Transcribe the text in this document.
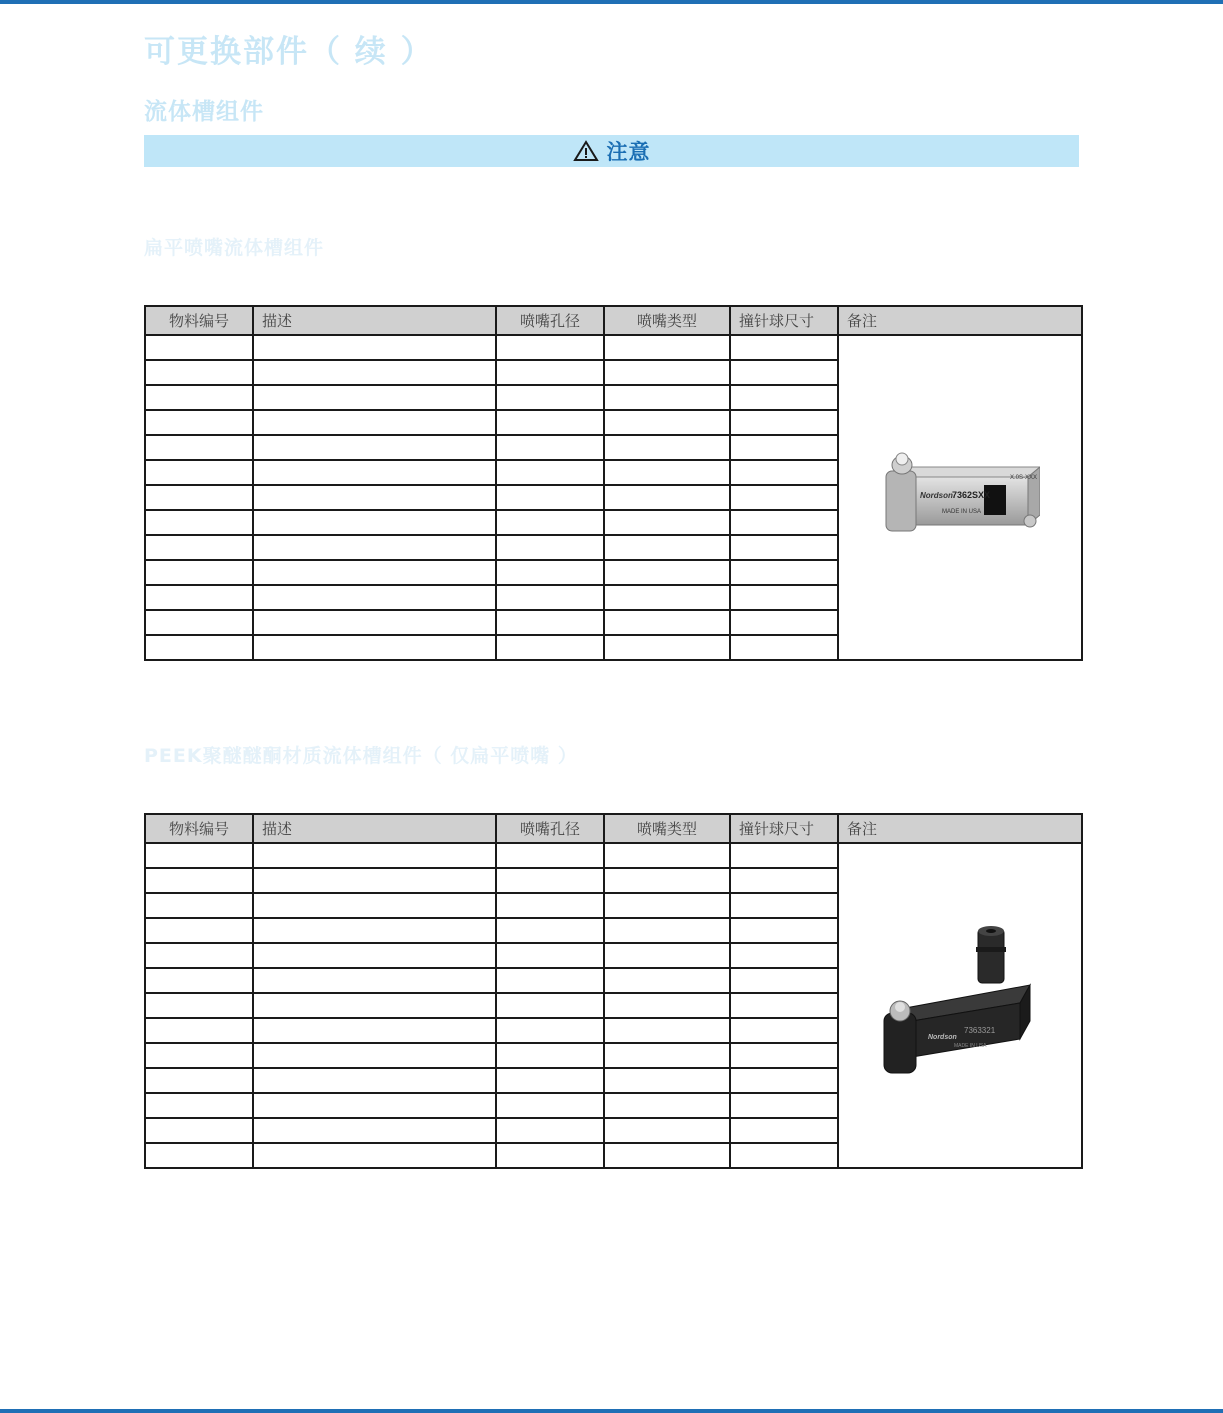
可更换部件（ 续 ）
流体槽组件
注意
扁平喷嘴流体槽组件
物料编号	描述	喷嘴孔径	喷嘴类型	撞针球尺寸	备注

Nordson 7362SXX
MADE IN USA
X.0S-XXX

PEEK聚醚醚酮材质流体槽组件（ 仅扁平喷嘴 ）
物料编号	描述	喷嘴孔径	喷嘴类型	撞针球尺寸	备注

Nordson
7363321
MADE IN USA
